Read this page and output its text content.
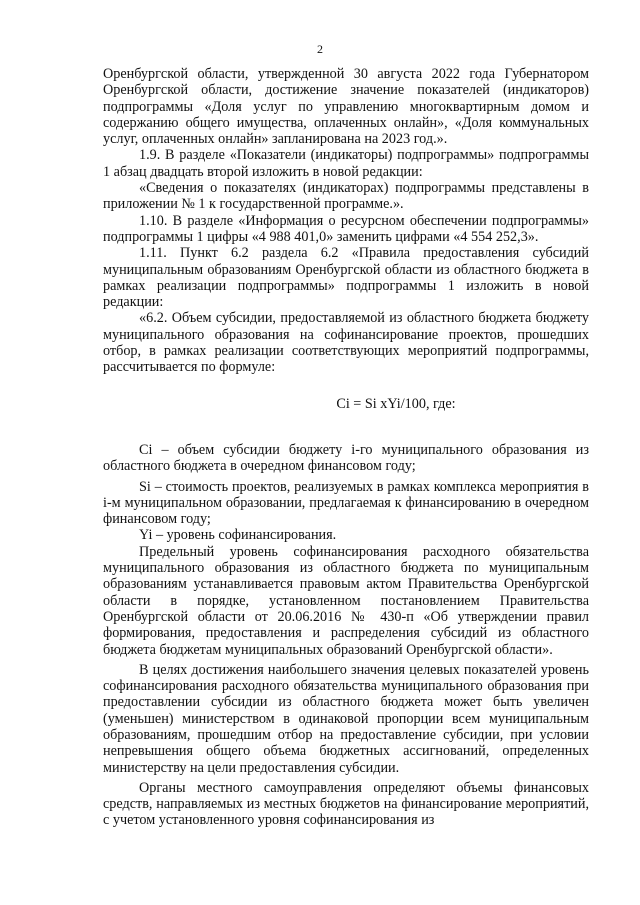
2

Оренбургской области, утвержденной 30 августа 2022 года Губернатором Оренбургской области, достижение значение показателей (индикаторов) подпрограммы «Доля услуг по управлению многоквартирным домом и содержанию общего имущества, оплаченных онлайн», «Доля коммунальных услуг, оплаченных онлайн» запланирована на 2023 год.».

1.9. В разделе «Показатели (индикаторы) подпрограммы» подпрограммы 1 абзац двадцать второй изложить в новой редакции:

«Сведения о показателях (индикаторах) подпрограммы представлены в приложении № 1 к государственной программе.».

1.10. В разделе «Информация о ресурсном обеспечении подпрограммы» подпрограммы 1 цифры «4 988 401,0» заменить цифрами «4 554 252,3».

1.11. Пункт 6.2 раздела 6.2 «Правила предоставления субсидий муниципальным образованиям Оренбургской области из областного бюджета в рамках реализации подпрограммы» подпрограммы 1 изложить в новой редакции:

«6.2. Объем субсидии, предоставляемой из областного бюджета бюджету муниципального образования на софинансирование проектов, прошедших отбор, в рамках реализации соответствующих мероприятий подпрограммы, рассчитывается по формуле:

Ci = Si xYi/100, где:

Ci – объем субсидии бюджету i-го муниципального образования из областного бюджета в очередном финансовом году;

Si – стоимость проектов, реализуемых в рамках комплекса мероприятия в i-м муниципальном образовании, предлагаемая к финансированию в очередном финансовом году;

Yi – уровень софинансирования.

Предельный уровень софинансирования расходного обязательства муниципального образования из областного бюджета по муниципальным образованиям устанавливается правовым актом Правительства Оренбургской области в порядке, установленном постановлением Правительства Оренбургской области от 20.06.2016 № 430-п «Об утверждении правил формирования, предоставления и распределения субсидий из областного бюджета бюджетам муниципальных образований Оренбургской области».

В целях достижения наибольшего значения целевых показателей уровень софинансирования расходного обязательства муниципального образования при предоставлении субсидии из областного бюджета может быть увеличен (уменьшен) министерством в одинаковой пропорции всем муниципальным образованиям, прошедшим отбор на предоставление субсидии, при условии непревышения общего объема бюджетных ассигнований, определенных министерству на цели предоставления субсидии.

Органы местного самоуправления определяют объемы финансовых средств, направляемых из местных бюджетов на финансирование мероприятий, с учетом установленного уровня софинансирования из
